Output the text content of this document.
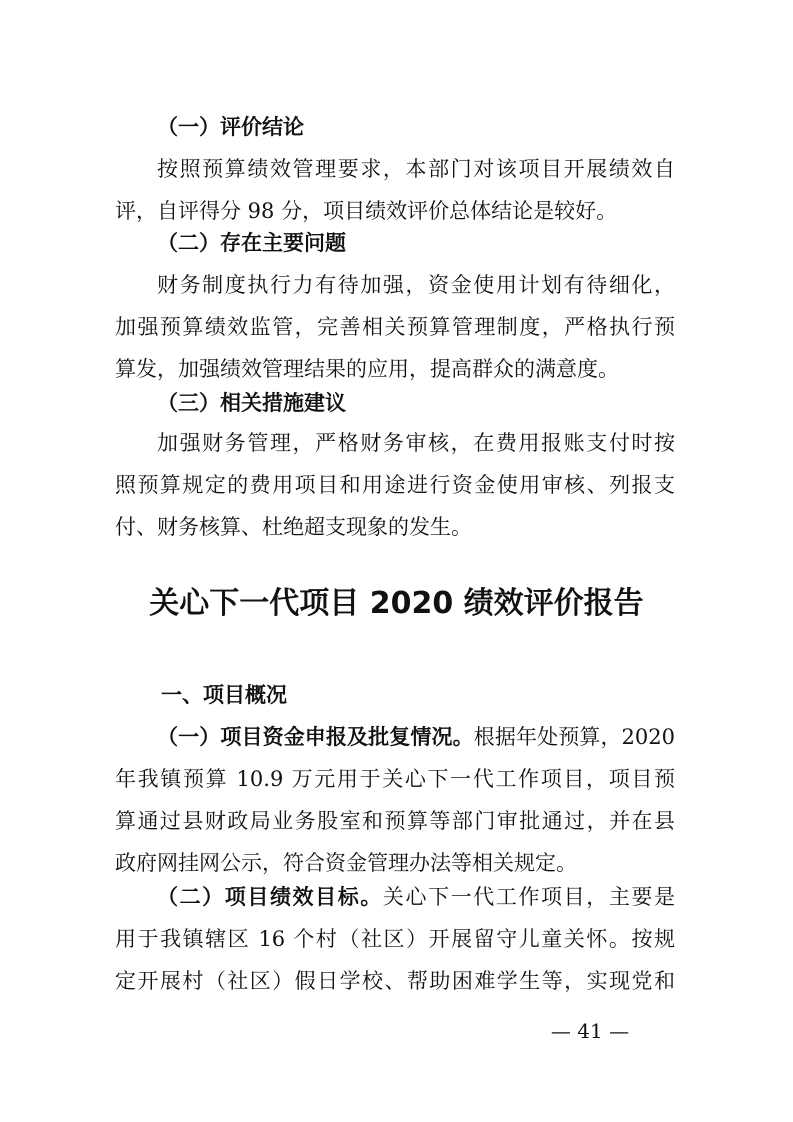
（一）评价结论
按照预算绩效管理要求，本部门对该项目开展绩效自
评，自评得分 98 分，项目绩效评价总体结论是较好。
（二）存在主要问题
财务制度执行力有待加强，资金使用计划有待细化，
加强预算绩效监管，完善相关预算管理制度，严格执行预
算发，加强绩效管理结果的应用，提高群众的满意度。
（三）相关措施建议
加强财务管理，严格财务审核，在费用报账支付时按
照预算规定的费用项目和用途进行资金使用审核、列报支
付、财务核算、杜绝超支现象的发生。
关心下一代项目 2020 绩效评价报告
一、项目概况
（一）项目资金申报及批复情况。根据年处预算，2020
年我镇预算 10.9 万元用于关心下一代工作项目，项目预
算通过县财政局业务股室和预算等部门审批通过，并在县
政府网挂网公示，符合资金管理办法等相关规定。
（二）项目绩效目标。关心下一代工作项目，主要是
用于我镇辖区 16 个村（社区）开展留守儿童关怀。按规
定开展村（社区）假日学校、帮助困难学生等，实现党和
— 41 —
